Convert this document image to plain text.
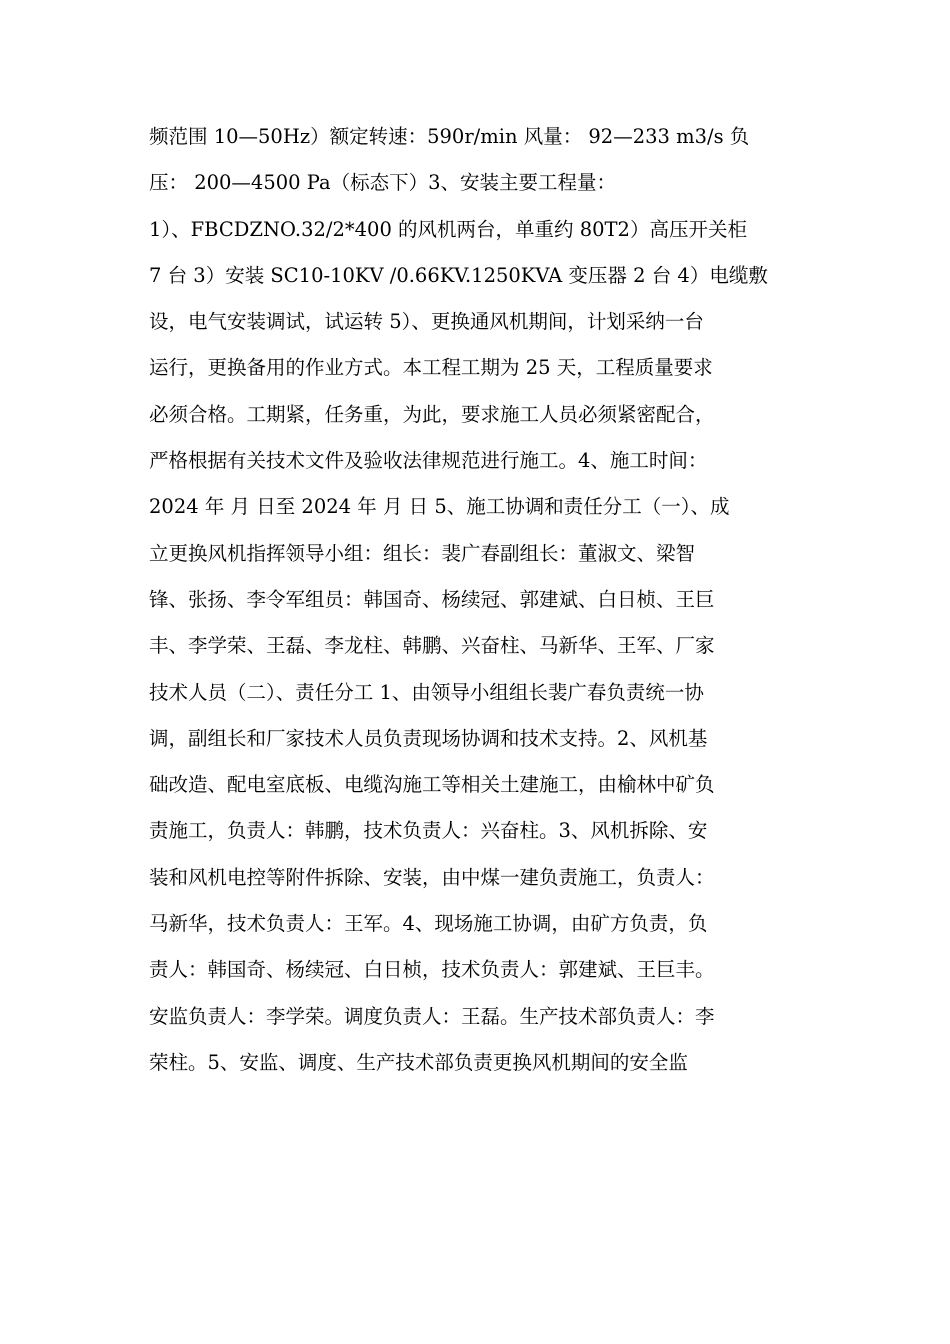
频范围 10—50Hz）额定转速：590r/min 风量： 92—233 m3/s 负
压： 200—4500 Pa（标态下）3、安装主要工程量：
1）、FBCDZNO.32/2*400 的风机两台，单重约 80T2）高压开关柜
7 台 3）安装 SC10-10KV /0.66KV.1250KVA 变压器 2 台 4）电缆敷
设，电气安装调试，试运转 5）、更换通风机期间，计划采纳一台
运行，更换备用的作业方式。本工程工期为 25 天，工程质量要求
必须合格。工期紧，任务重，为此，要求施工人员必须紧密配合，
严格根据有关技术文件及验收法律规范进行施工。4、施工时间：
2024 年 月 日至 2024 年 月 日 5、施工协调和责任分工（一）、成
立更换风机指挥领导小组：组长：裴广春副组长：董淑文、梁智
锋、张扬、李令军组员：韩国奇、杨续冠、郭建斌、白日桢、王巨
丰、李学荣、王磊、李龙柱、韩鹏、兴奋柱、马新华、王军、厂家
技术人员（二）、责任分工 1、由领导小组组长裴广春负责统一协
调，副组长和厂家技术人员负责现场协调和技术支持。2、风机基
础改造、配电室底板、电缆沟施工等相关土建施工，由榆林中矿负
责施工，负责人：韩鹏，技术负责人：兴奋柱。3、风机拆除、安
装和风机电控等附件拆除、安装，由中煤一建负责施工，负责人：
马新华，技术负责人：王军。4、现场施工协调，由矿方负责，负
责人：韩国奇、杨续冠、白日桢，技术负责人：郭建斌、王巨丰。
安监负责人：李学荣。调度负责人：王磊。生产技术部负责人：李
荣柱。5、安监、调度、生产技术部负责更换风机期间的安全监
